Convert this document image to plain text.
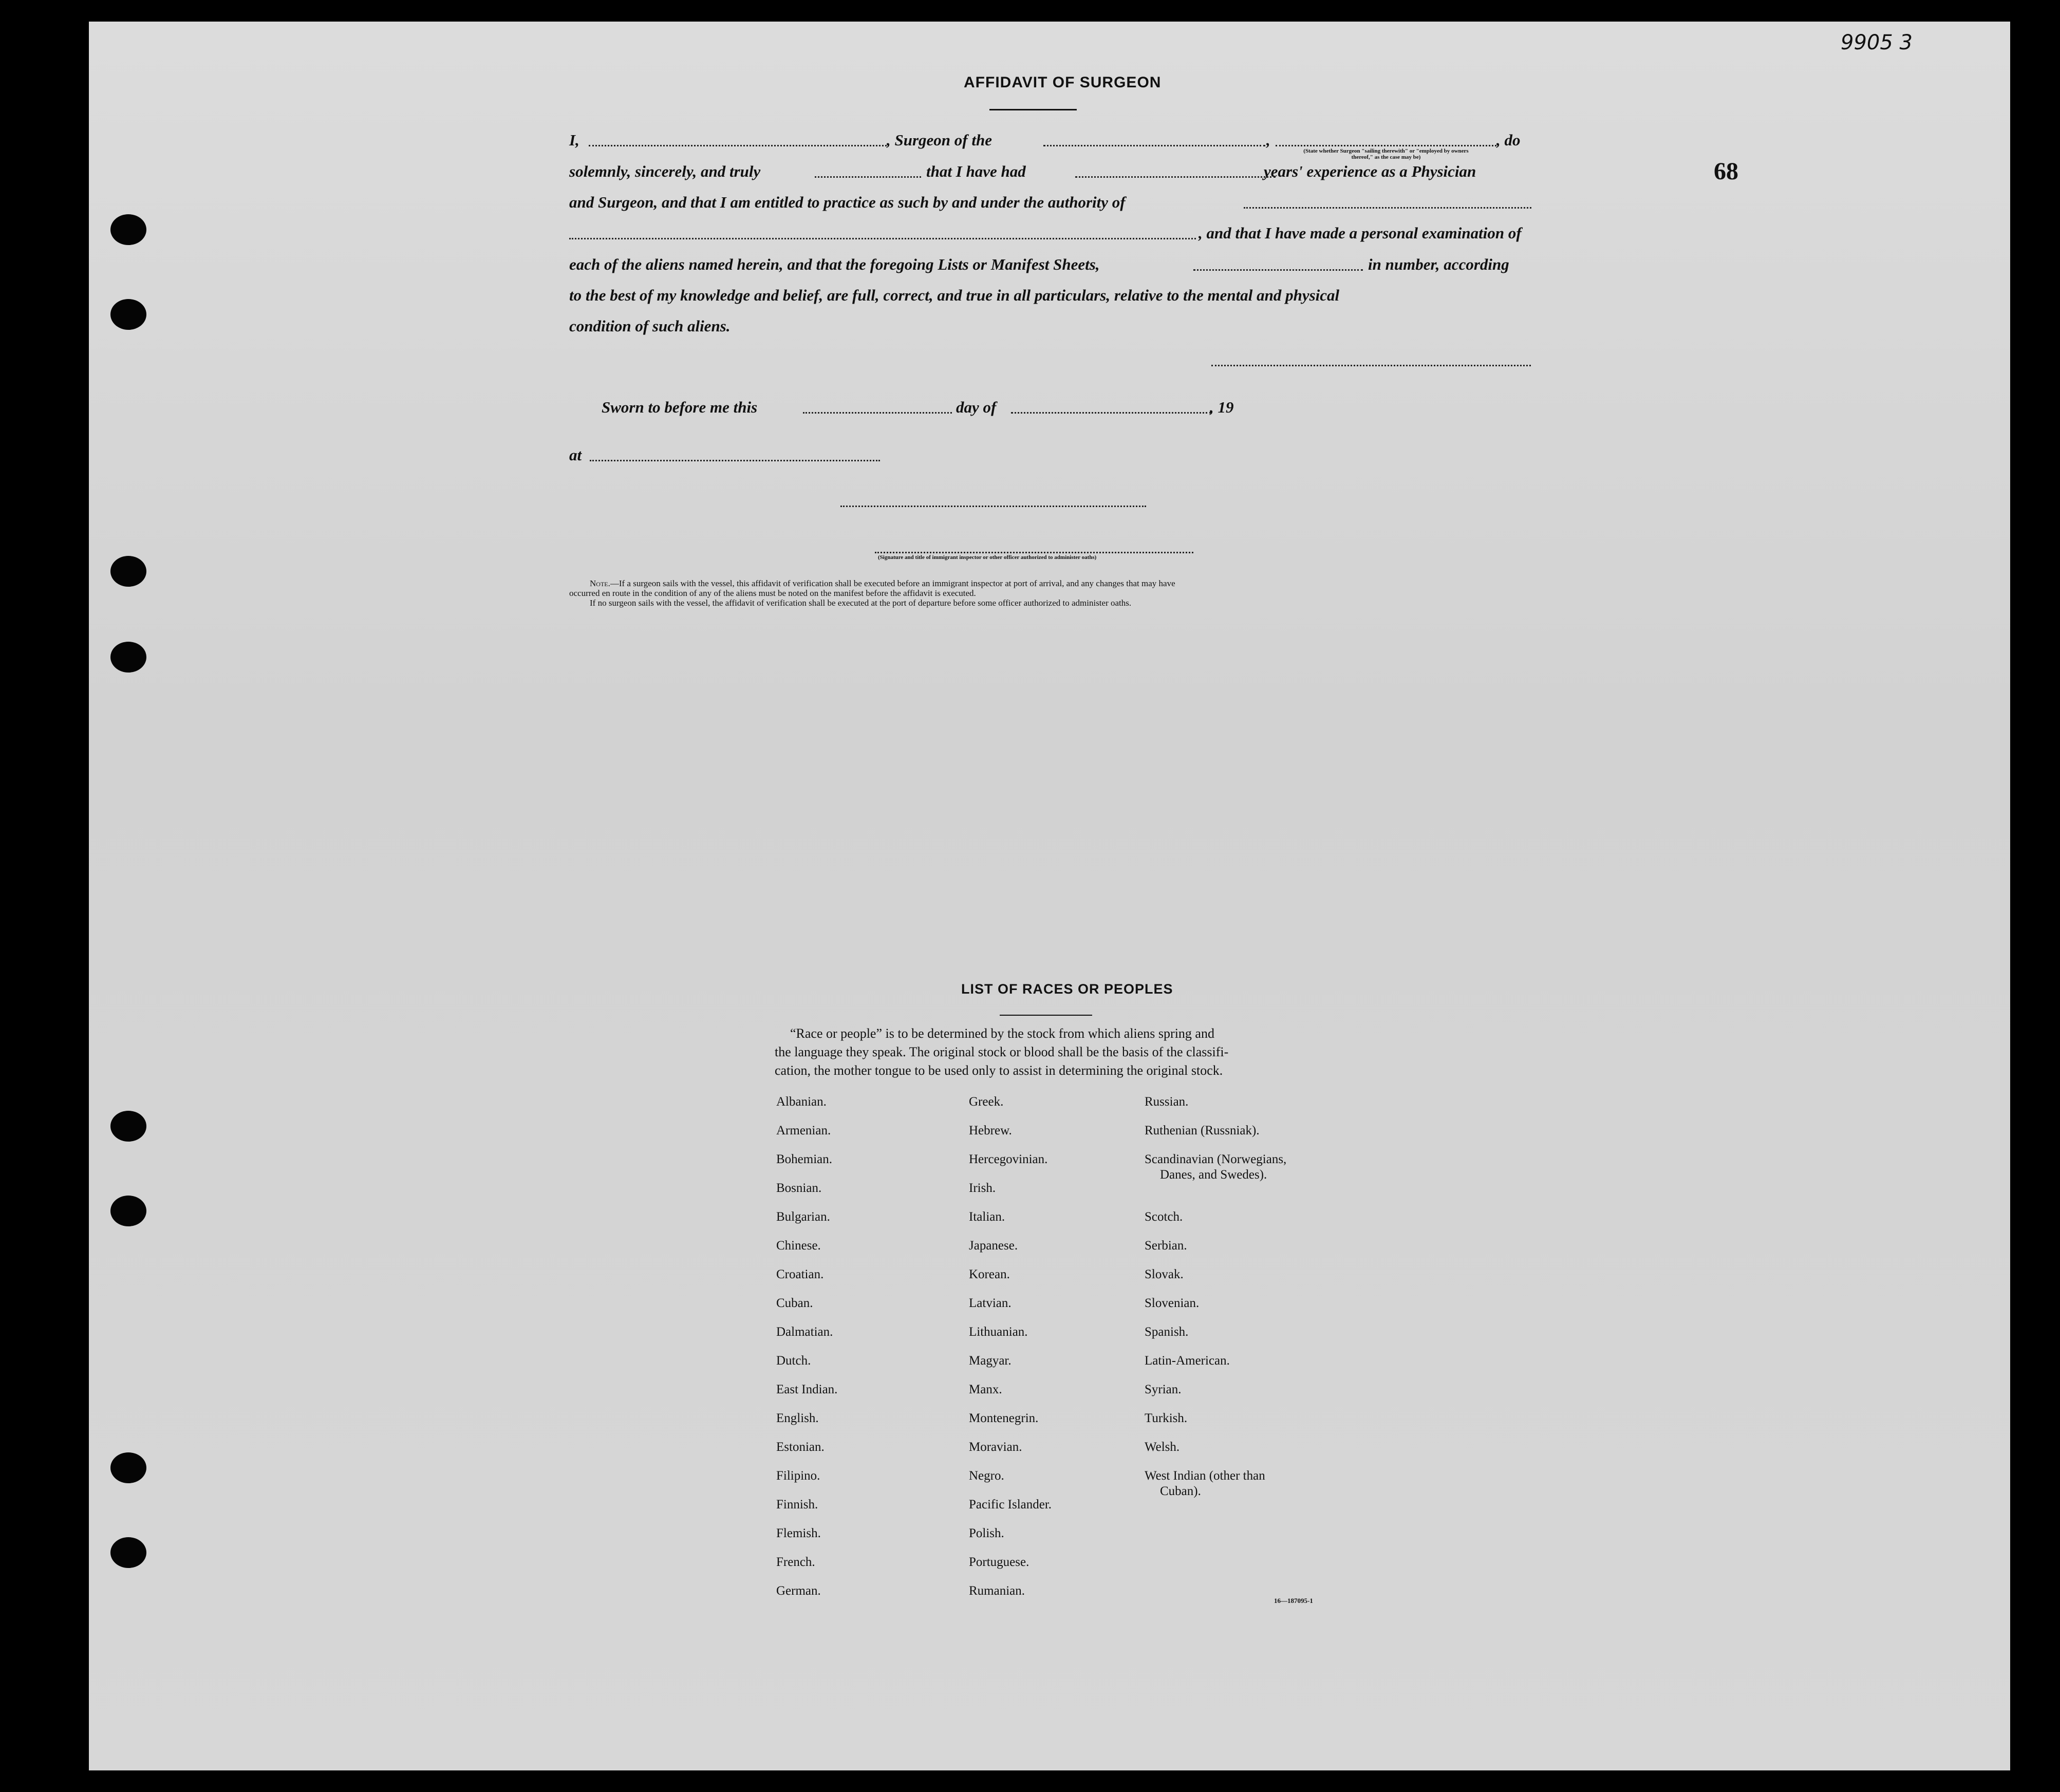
9905 3
68
AFFIDAVIT OF SURGEON
I,	, Surgeon of the	,	, do
(State whether Surgeon "sailing therewith" or "employed by owners thereof," as the case may be)
solemnly, sincerely, and truly	that I have had	years' experience as a Physician
and Surgeon, and that I am entitled to practice as such by and under the authority of
, and that I have made a personal examination of
each of the aliens named herein, and that the foregoing Lists or Manifest Sheets,	in number, according
to the best of my knowledge and belief, are full, correct, and true in all particulars, relative to the mental and physical
condition of such aliens.
Sworn to before me this	day of	, 19
at
(Signature and title of immigrant inspector or other officer authorized to administer oaths)
Note.—If a surgeon sails with the vessel, this affidavit of verification shall be executed before an immigrant inspector at port of arrival, and any changes that may have
occurred en route in the condition of any of the aliens must be noted on the manifest before the affidavit is executed.
If no surgeon sails with the vessel, the affidavit of verification shall be executed at the port of departure before some officer authorized to administer oaths.
LIST OF RACES OR PEOPLES
“Race or people” is to be determined by the stock from which aliens spring and
the language they speak. The original stock or blood shall be the basis of the classifi-
cation, the mother tongue to be used only to assist in determining the original stock.
Albanian.
Armenian.
Bohemian.
Bosnian.
Bulgarian.
Chinese.
Croatian.
Cuban.
Dalmatian.
Dutch.
East Indian.
English.
Estonian.
Filipino.
Finnish.
Flemish.
French.
German.
Greek.
Hebrew.
Hercegovinian.
Irish.
Italian.
Japanese.
Korean.
Latvian.
Lithuanian.
Magyar.
Manx.
Montenegrin.
Moravian.
Negro.
Pacific Islander.
Polish.
Portuguese.
Rumanian.
Russian.
Ruthenian (Russniak).
Scandinavian (Norwegians,
Danes, and Swedes).
Scotch.
Serbian.
Slovak.
Slovenian.
Spanish.
Latin-American.
Syrian.
Turkish.
Welsh.
West Indian (other than
Cuban).
16—187095-1
